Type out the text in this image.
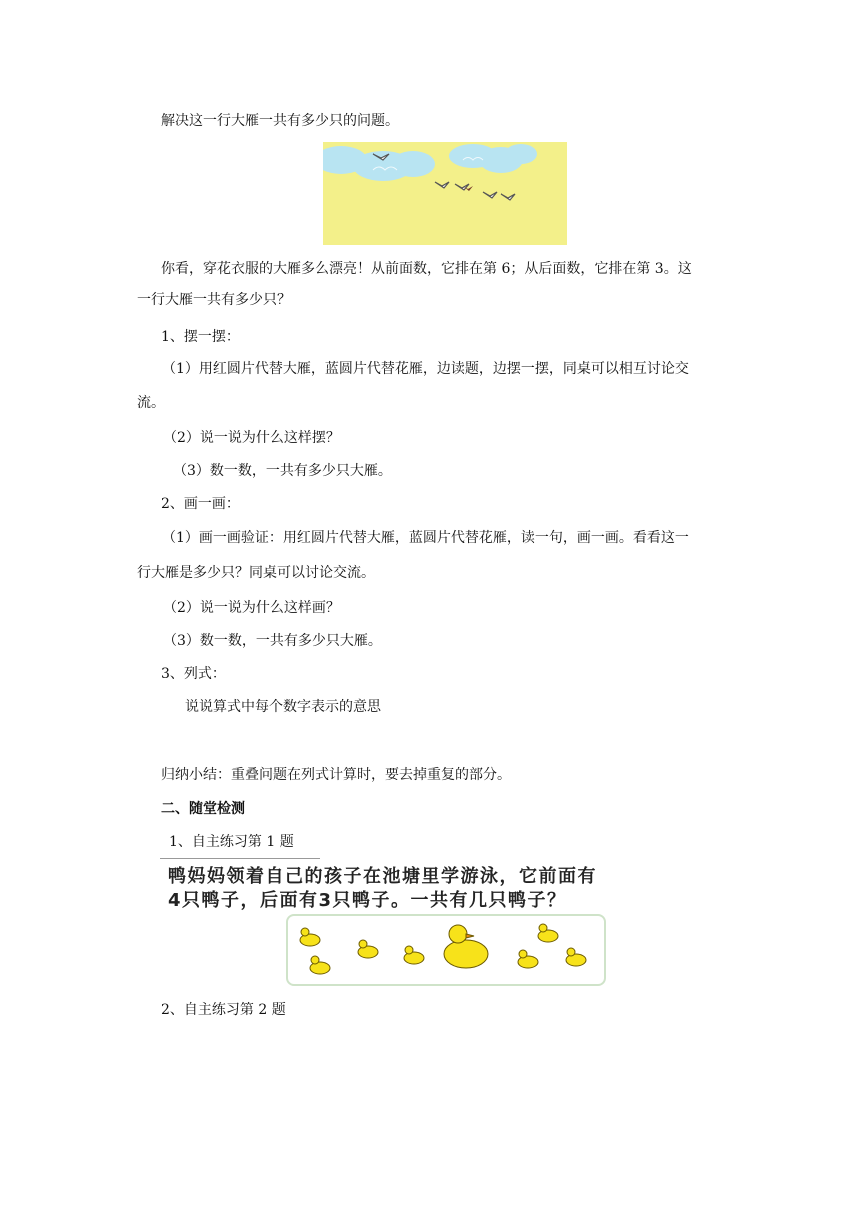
解决这一行大雁一共有多少只的问题。
你看，穿花衣服的大雁多么漂亮！从前面数，它排在第 6；从后面数，它排在第 3。这
一行大雁一共有多少只？
1、摆一摆：
（1）用红圆片代替大雁，蓝圆片代替花雁，边读题，边摆一摆，同桌可以相互讨论交
流。
（2）说一说为什么这样摆？
（3）数一数，一共有多少只大雁。
2、画一画：
（1）画一画验证：用红圆片代替大雁，蓝圆片代替花雁，读一句，画一画。看看这一
行大雁是多少只？同桌可以讨论交流。
（2）说一说为什么这样画？
（3）数一数，一共有多少只大雁。
3、列式：
说说算式中每个数字表示的意思
归纳小结：重叠问题在列式计算时，要去掉重复的部分。
二、随堂检测
1、自主练习第 1 题
鸭妈妈领着自己的孩子在池塘里学游泳，它前面有
4只鸭子，后面有3只鸭子。一共有几只鸭子？
2、自主练习第 2 题
